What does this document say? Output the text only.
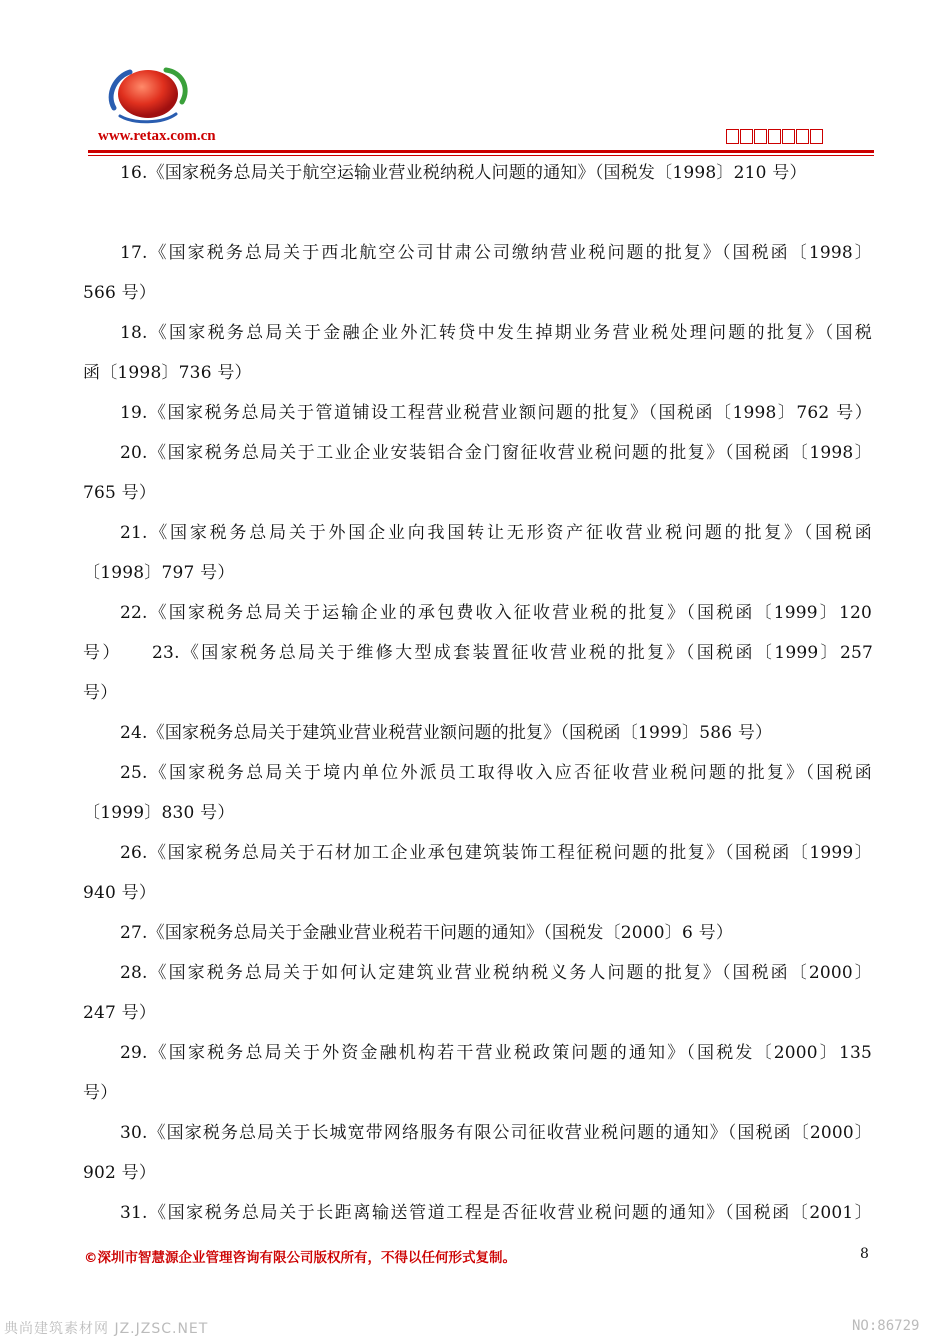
www.retax.com.cn
16.《国家税务总局关于航空运输业营业税纳税人问题的通知》（国税发〔1998〕210 号）
17.《国家税务总局关于西北航空公司甘肃公司缴纳营业税问题的批复》（国税函〔1998〕
566 号）
18.《国家税务总局关于金融企业外汇转贷中发生掉期业务营业税处理问题的批复》（国税
函〔1998〕736 号）
19.《国家税务总局关于管道铺设工程营业税营业额问题的批复》（国税函〔1998〕762 号）
20.《国家税务总局关于工业企业安装铝合金门窗征收营业税问题的批复》（国税函〔1998〕
765 号）
21.《国家税务总局关于外国企业向我国转让无形资产征收营业税问题的批复》（国税函
〔1998〕797 号）
22.《国家税务总局关于运输企业的承包费收入征收营业税的批复》（国税函〔1999〕120
号）　　23.《国家税务总局关于维修大型成套装置征收营业税的批复》（国税函〔1999〕257
号）
24.《国家税务总局关于建筑业营业税营业额问题的批复》（国税函〔1999〕586 号）
25.《国家税务总局关于境内单位外派员工取得收入应否征收营业税问题的批复》（国税函
〔1999〕830 号）
26.《国家税务总局关于石材加工企业承包建筑装饰工程征税问题的批复》（国税函〔1999〕
940 号）
27.《国家税务总局关于金融业营业税若干问题的通知》（国税发〔2000〕6 号）
28.《国家税务总局关于如何认定建筑业营业税纳税义务人问题的批复》（国税函〔2000〕
247 号）
29.《国家税务总局关于外资金融机构若干营业税政策问题的通知》（国税发〔2000〕135
号）
30.《国家税务总局关于长城宽带网络服务有限公司征收营业税问题的通知》（国税函〔2000〕
902 号）
31.《国家税务总局关于长距离输送管道工程是否征收营业税问题的通知》（国税函〔2001〕
©深圳市智慧源企业管理咨询有限公司版权所有，不得以任何形式复制。	8
典尚建筑素材网 JZ.JZSC.NET	NO:86729
